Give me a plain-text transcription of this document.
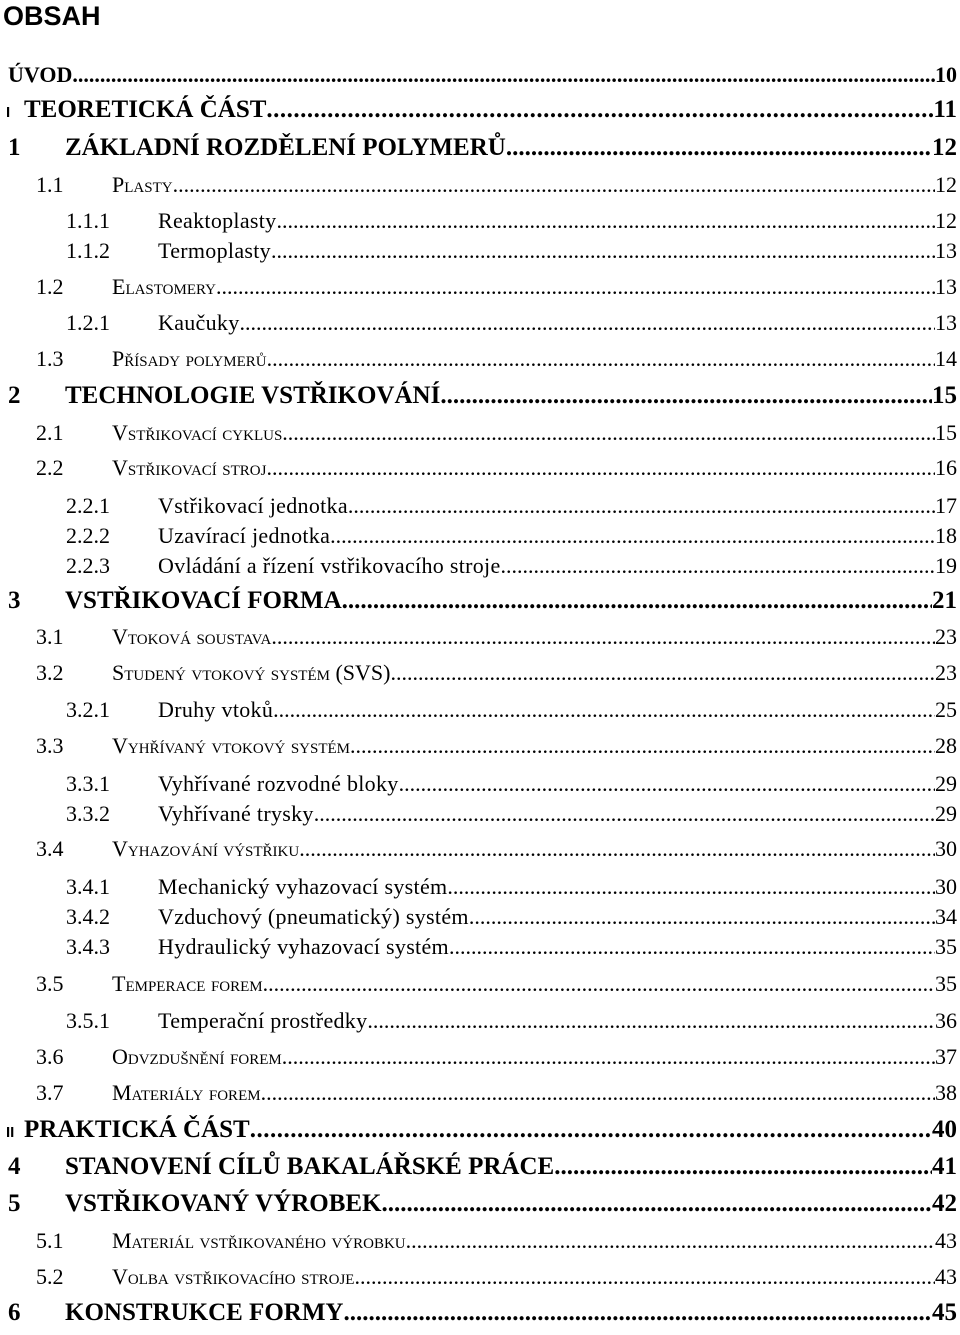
OBSAH
ÚVOD .....	10
I TEORETICKÁ ČÁST .....	11
1	ZÁKLADNÍ ROZDĚLENÍ POLYMERŮ .....	12
1.1	Plasty .....	12
1.1.1	Reaktoplasty .....	12
1.1.2	Termoplasty .....	13
1.2	Elastomery .....	13
1.2.1	Kaučuky .....	13
1.3	Přísady polymerů .....	14
2	TECHNOLOGIE VSTŘIKOVÁNÍ .....	15
2.1	Vstřikovací cyklus .....	15
2.2	Vstřikovací stroj .....	16
2.2.1	Vstřikovací jednotka .....	17
2.2.2	Uzavírací jednotka .....	18
2.2.3	Ovládání a řízení vstřikovacího stroje .....	19
3	VSTŘIKOVACÍ FORMA .....	21
3.1	Vtoková soustava .....	23
3.2	Studený vtokový systém (SVS) .....	23
3.2.1	Druhy vtoků .....	25
3.3	Vyhřívaný vtokový systém .....	28
3.3.1	Vyhřívané rozvodné bloky .....	29
3.3.2	Vyhřívané trysky .....	29
3.4	Vyhazování výstřiku .....	30
3.4.1	Mechanický vyhazovací systém .....	30
3.4.2	Vzduchový (pneumatický) systém .....	34
3.4.3	Hydraulický vyhazovací systém .....	35
3.5	Temperace forem .....	35
3.5.1	Temperační prostředky .....	36
3.6	Odvzdušnění forem .....	37
3.7	Materiály forem .....	38
II PRAKTICKÁ ČÁST .....	40
4	STANOVENÍ CÍLŮ BAKALÁŘSKÉ PRÁCE .....	41
5	VSTŘIKOVANÝ VÝROBEK .....	42
5.1	Materiál vstřikovaného výrobku .....	43
5.2	Volba vstřikovacího stroje .....	43
6	KONSTRUKCE FORMY .....	45
